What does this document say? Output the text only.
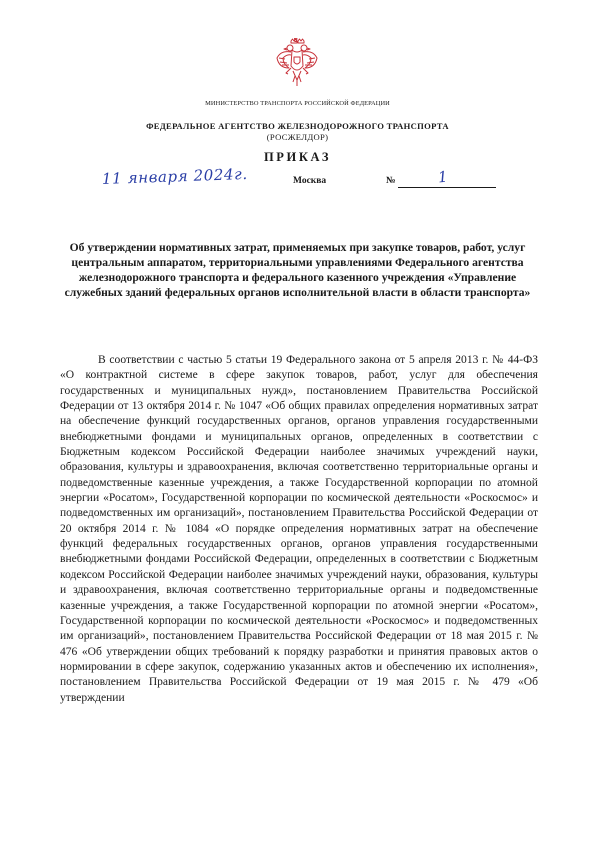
МИНИСТЕРСТВО ТРАНСПОРТА РОССИЙСКОЙ ФЕДЕРАЦИИ
ФЕДЕРАЛЬНОЕ АГЕНТСТВО ЖЕЛЕЗНОДОРОЖНОГО ТРАНСПОРТА
(РОСЖЕЛДОР)
ПРИКАЗ
11 января 2024г.	Москва	№	1
Об утверждении нормативных затрат, применяемых при закупке товаров, работ, услуг центральным аппаратом, территориальными управлениями Федерального агентства железнодорожного транспорта и федерального казенного учреждения «Управление служебных зданий федеральных органов исполнительной власти в области транспорта»

В соответствии с частью 5 статьи 19 Федерального закона от 5 апреля 2013 г. № 44-ФЗ «О контрактной системе в сфере закупок товаров, работ, услуг для обеспечения государственных и муниципальных нужд», постановлением Правительства Российской Федерации от 13 октября 2014 г. № 1047 «Об общих правилах определения нормативных затрат на обеспечение функций государственных органов, органов управления государственными внебюджетными фондами и муниципальных органов, определенных в соответствии с Бюджетным кодексом Российской Федерации наиболее значимых учреждений науки, образования, культуры и здравоохранения, включая соответственно территориальные органы и подведомственные казенные учреждения, а также Государственной корпорации по атомной энергии «Росатом», Государственной корпорации по космической деятельности «Роскосмос» и подведомственных им организаций», постановлением Правительства Российской Федерации от 20 октября 2014 г. № 1084 «О порядке определения нормативных затрат на обеспечение функций федеральных государственных органов, органов управления государственными внебюджетными фондами Российской Федерации, определенных в соответствии с Бюджетным кодексом Российской Федерации наиболее значимых учреждений науки, образования, культуры и здравоохранения, включая соответственно территориальные органы и подведомственные казенные учреждения, а также Государственной корпорации по атомной энергии «Росатом», Государственной корпорации по космической деятельности «Роскосмос» и подведомственных им организаций», постановлением Правительства Российской Федерации от 18 мая 2015 г. № 476 «Об утверждении общих требований к порядку разработки и принятия правовых актов о нормировании в сфере закупок, содержанию указанных актов и обеспечению их исполнения», постановлением Правительства Российской Федерации от 19 мая 2015 г. № 479 «Об утверждении
